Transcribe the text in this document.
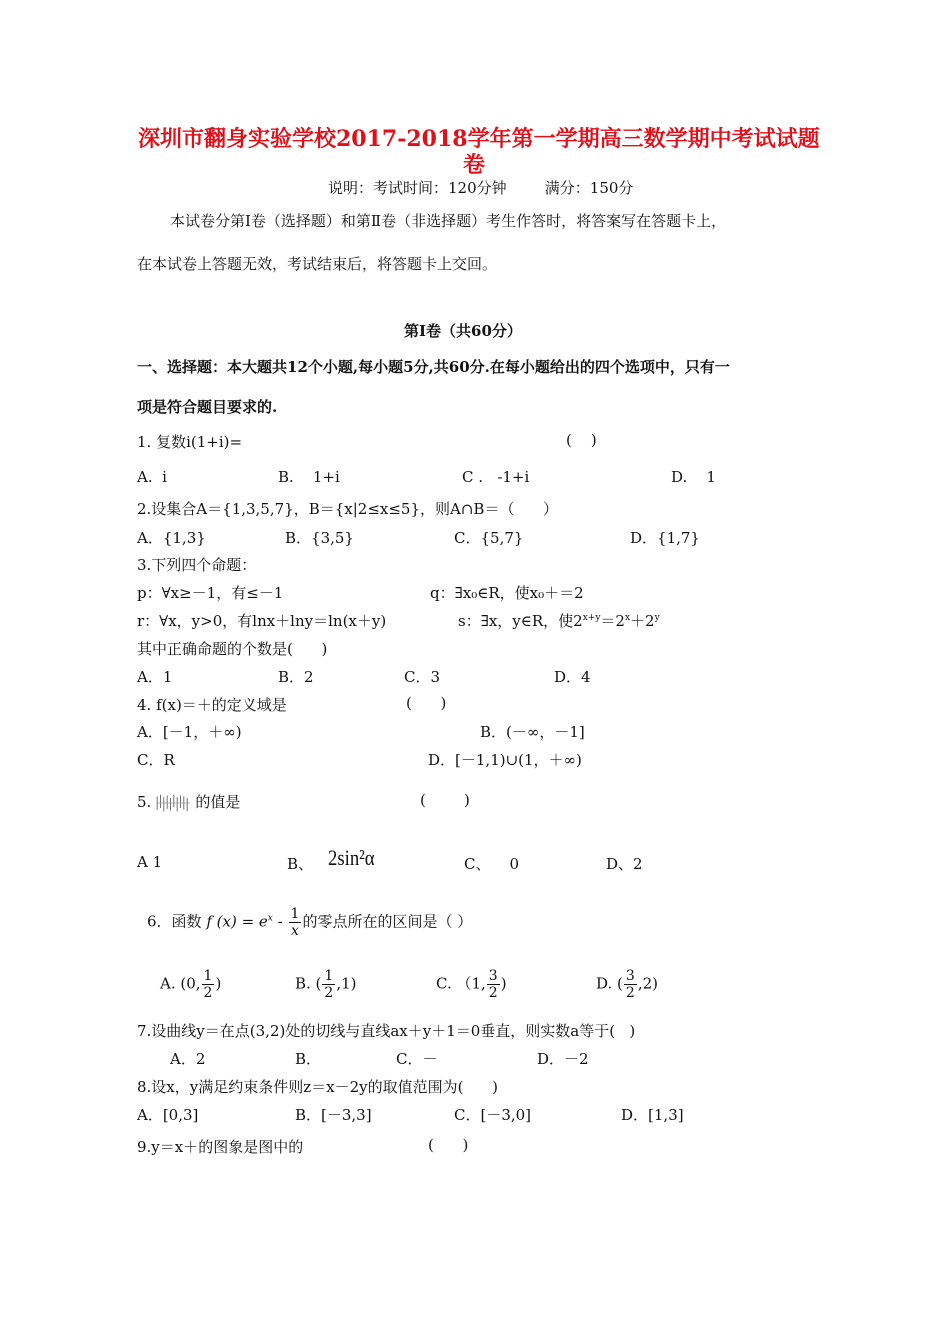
深圳市翻身实验学校2017-2018学年第一学期高三数学期中考试试题
卷
说明：考试时间：120分钟        满分：150分
本试卷分第Ⅰ卷（选择题）和第Ⅱ卷（非选择题）考生作答时，将答案写在答题卡上，
在本试卷上答题无效，考试结束后，将答题卡上交回。
第Ⅰ卷（共60分）
一、选择题：本大题共12个小题,每小题5分,共60分.在每小题给出的四个选项中，只有一
项是符合题目要求的.
1. 复数i(1+i)=	(    )
A.  i	B.    1+i	C .   -1+i	D.    1
2.设集合A＝{1,3,5,7}，B＝{x|2≤x≤5}，则A∩B＝（      ）
A．{1,3}	B．{3,5}	C．{5,7}	D．{1,7}
3.下列四个命题：
p：∀x≥－1，有≤－1	q：∃x₀∈R，使x₀＋＝2
r：∀x，y>0，有lnx＋lny＝ln(x＋y)	s：∃x，y∈R，使$2^{x+y}=2^x+2^y$
其中正确命题的个数是(      )
A．1	B．2	C．3	D．4
4. f(x)＝＋的定义域是	(      )
A．[－1，＋∞)	B．(－∞，－1]
C．R	D．[－1,1)∪(1，＋∞)
5.	的值是	(        )
A 1	B、 2sin²α	C、    0	D、2
6．函数 f $(x) = e^x - \frac{1}{x}$ 的零点所在的区间是（ ）
A. (0, $\frac{1}{2}$ )	B. ( $\frac{1}{2} ,1$)	C. （1, $\frac{3}{2}$ )	D. ( $\frac{3}{2} ,2$)
7.设曲线y＝在点(3,2)处的切线与直线ax＋y＋1＝0垂直，则实数a等于(   )
A．2	B．	C．－	D．－2
8.设x，y满足约束条件则z＝x－2y的取值范围为(      )
A．[0,3]	B．[－3,3]	C．[－3,0]	D．[1,3]
9.y＝x＋的图象是图中的	(      )
